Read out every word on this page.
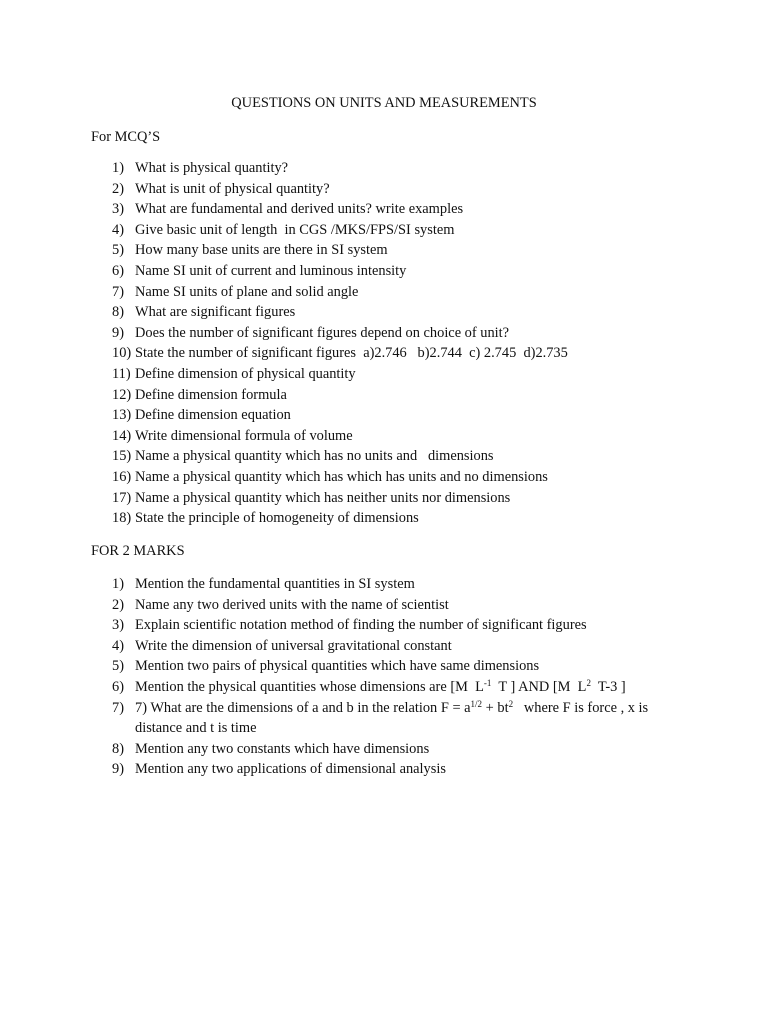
QUESTIONS ON UNITS AND MEASUREMENTS
For MCQ’S
1) What is physical quantity?
2) What is unit of physical quantity?
3) What are fundamental and derived units? write examples
4) Give basic unit of length  in CGS /MKS/FPS/SI system
5) How many base units are there in SI system
6) Name SI unit of current and luminous intensity
7) Name SI units of plane and solid angle
8) What are significant figures
9) Does the number of significant figures depend on choice of unit?
10) State the number of significant figures  a)2.746   b)2.744  c) 2.745  d)2.735
11) Define dimension of physical quantity
12) Define dimension formula
13) Define dimension equation
14) Write dimensional formula of volume
15) Name a physical quantity which has no units and   dimensions
16) Name a physical quantity which has which has units and no dimensions
17) Name a physical quantity which has neither units nor dimensions
18) State the principle of homogeneity of dimensions
FOR 2 MARKS
1) Mention the fundamental quantities in SI system
2) Name any two derived units with the name of scientist
3) Explain scientific notation method of finding the number of significant figures
4) Write the dimension of universal gravitational constant
5) Mention two pairs of physical quantities which have same dimensions
6) Mention the physical quantities whose dimensions are [M  $L^{-1}$  T ] AND [M  $L^2$  T-3 ]
7) 7) What are the dimensions of a and b in the relation $F = a^{1/2} + bt^2$   where F is force , x is distance and t is time
8) Mention any two constants which have dimensions
9) Mention any two applications of dimensional analysis
